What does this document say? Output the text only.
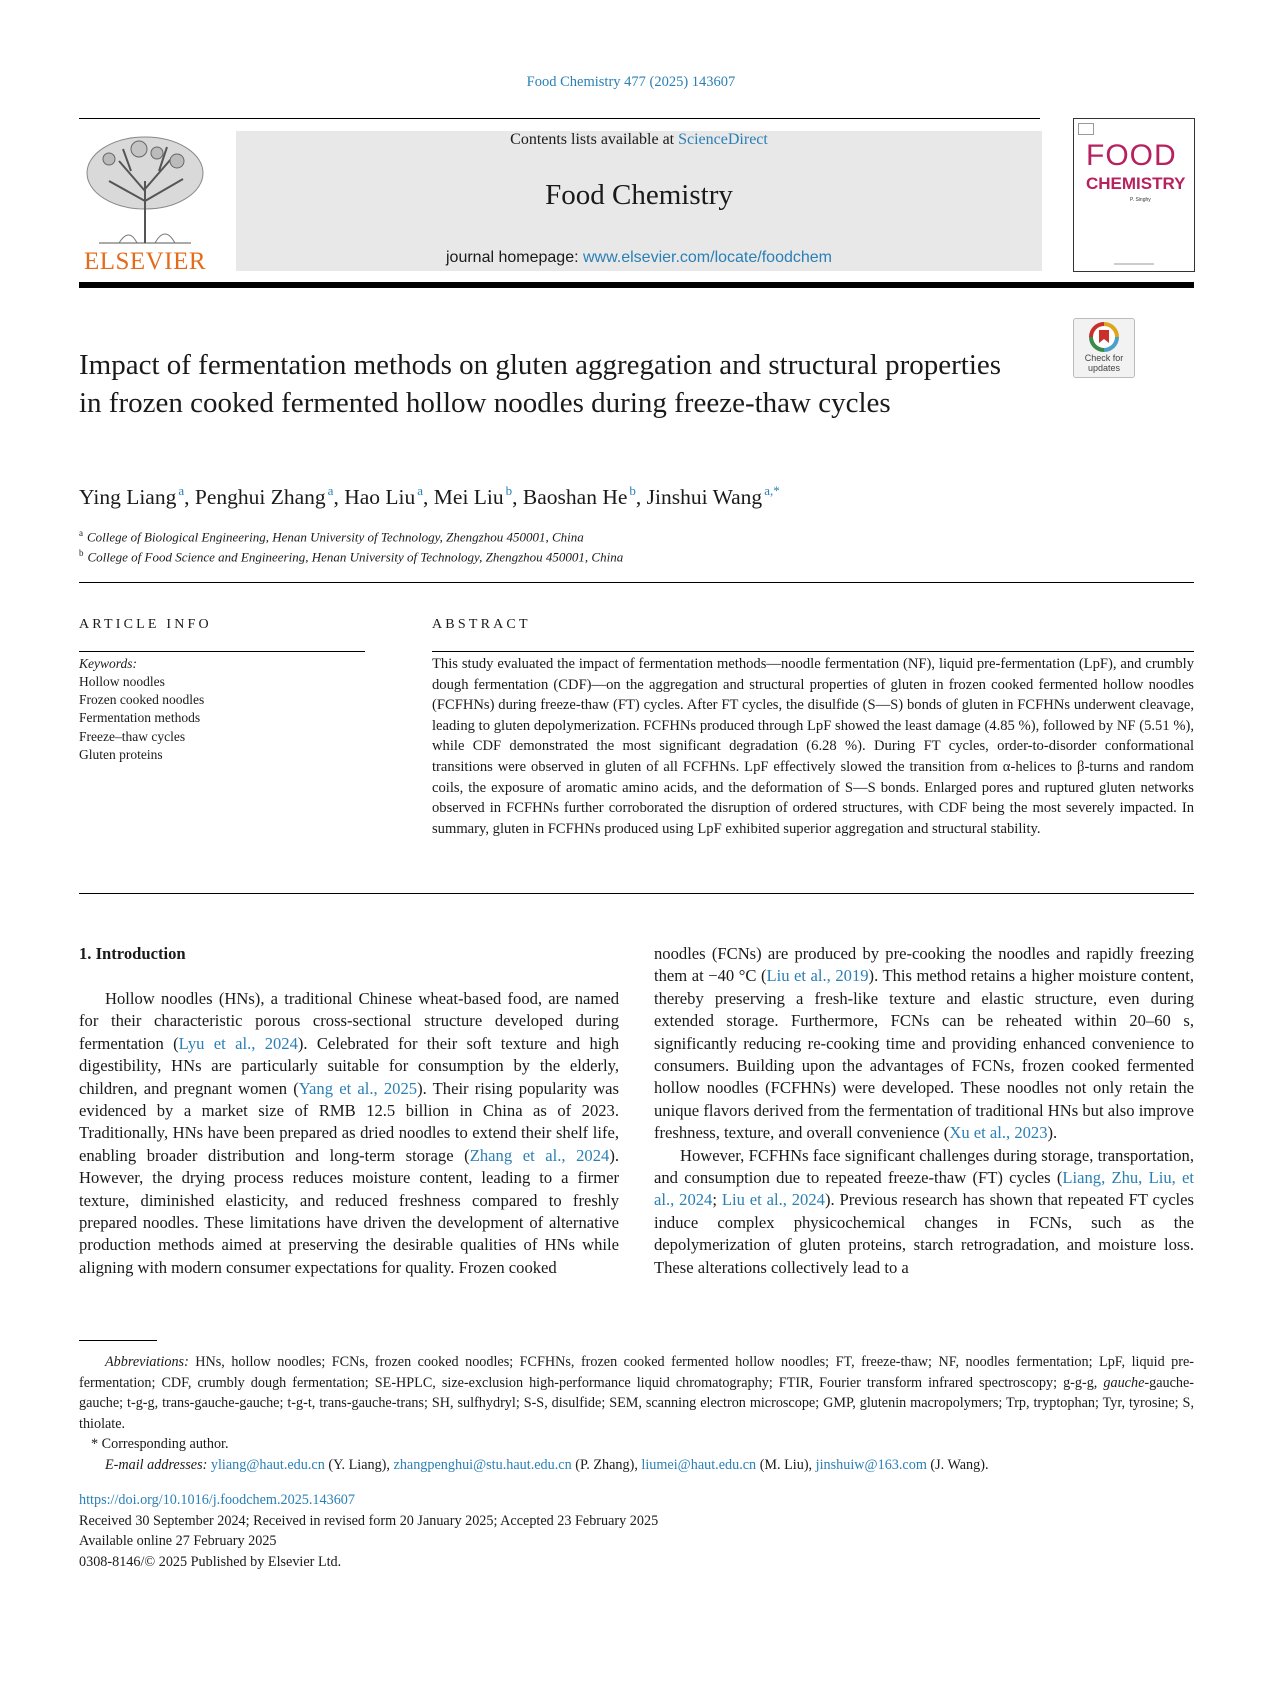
Food Chemistry 477 (2025) 143607
ELSEVIER
Contents lists available at ScienceDirect
Food Chemistry
journal homepage: www.elsevier.com/locate/foodchem
FOOD
CHEMISTRY
P. Singhy
Check for updates
Impact of fermentation methods on gluten aggregation and structural properties in frozen cooked fermented hollow noodles during freeze-thaw cycles
Ying Liang $^a$, Penghui Zhang $^a$, Hao Liu $^a$, Mei Liu $^b$, Baoshan He $^b$, Jinshui Wang $^{a,*}$
$^a$ College of Biological Engineering, Henan University of Technology, Zhengzhou 450001, China
$^b$ College of Food Science and Engineering, Henan University of Technology, Zhengzhou 450001, China
ARTICLE INFO
Keywords:
Hollow noodles
Frozen cooked noodles
Fermentation methods
Freeze–thaw cycles
Gluten proteins
ABSTRACT
This study evaluated the impact of fermentation methods—noodle fermentation (NF), liquid pre-fermentation (LpF), and crumbly dough fermentation (CDF)—on the aggregation and structural properties of gluten in frozen cooked fermented hollow noodles (FCFHNs) during freeze-thaw (FT) cycles. After FT cycles, the disulfide (S—S) bonds of gluten in FCFHNs underwent cleavage, leading to gluten depolymerization. FCFHNs produced through LpF showed the least damage (4.85 %), followed by NF (5.51 %), while CDF demonstrated the most significant degradation (6.28 %). During FT cycles, order-to-disorder conformational transitions were observed in gluten of all FCFHNs. LpF effectively slowed the transition from α-helices to β-turns and random coils, the exposure of aromatic amino acids, and the deformation of S—S bonds. Enlarged pores and ruptured gluten networks observed in FCFHNs further corroborated the disruption of ordered structures, with CDF being the most severely impacted. In summary, gluten in FCFHNs produced using LpF exhibited superior aggregation and structural stability.
1. Introduction

Hollow noodles (HNs), a traditional Chinese wheat-based food, are named for their characteristic porous cross-sectional structure developed during fermentation (Lyu et al., 2024). Celebrated for their soft texture and high digestibility, HNs are particularly suitable for consumption by the elderly, children, and pregnant women (Yang et al., 2025). Their rising popularity was evidenced by a market size of RMB 12.5 billion in China as of 2023. Traditionally, HNs have been prepared as dried noodles to extend their shelf life, enabling broader distribution and long-term storage (Zhang et al., 2024). However, the drying process reduces moisture content, leading to a firmer texture, diminished elasticity, and reduced freshness compared to freshly prepared noodles. These limitations have driven the development of alternative production methods aimed at preserving the desirable qualities of HNs while aligning with modern consumer expectations for quality. Frozen cooked

noodles (FCNs) are produced by pre-cooking the noodles and rapidly freezing them at −40 °C (Liu et al., 2019). This method retains a higher moisture content, thereby preserving a fresh-like texture and elastic structure, even during extended storage. Furthermore, FCNs can be reheated within 20–60 s, significantly reducing re-cooking time and providing enhanced convenience to consumers. Building upon the advantages of FCNs, frozen cooked fermented hollow noodles (FCFHNs) were developed. These noodles not only retain the unique flavors derived from the fermentation of traditional HNs but also improve freshness, texture, and overall convenience (Xu et al., 2023).

However, FCFHNs face significant challenges during storage, transportation, and consumption due to repeated freeze-thaw (FT) cycles (Liang, Zhu, Liu, et al., 2024; Liu et al., 2024). Previous research has shown that repeated FT cycles induce complex physicochemical changes in FCNs, such as the depolymerization of gluten proteins, starch retrogradation, and moisture loss. These alterations collectively lead to a

Abbreviations: HNs, hollow noodles; FCNs, frozen cooked noodles; FCFHNs, frozen cooked fermented hollow noodles; FT, freeze-thaw; NF, noodles fermentation; LpF, liquid pre-fermentation; CDF, crumbly dough fermentation; SE-HPLC, size-exclusion high-performance liquid chromatography; FTIR, Fourier transform infrared spectroscopy; g-g-g, gauche-gauche-gauche; t-g-g, trans-gauche-gauche; t-g-t, trans-gauche-trans; SH, sulfhydryl; S-S, disulfide; SEM, scanning electron microscope; GMP, glutenin macropolymers; Trp, tryptophan; Tyr, tyrosine; S, thiolate.

* Corresponding author.

E-mail addresses: yliang@haut.edu.cn (Y. Liang), zhangpenghui@stu.haut.edu.cn (P. Zhang), liumei@haut.edu.cn (M. Liu), jinshuiw@163.com (J. Wang).

https://doi.org/10.1016/j.foodchem.2025.143607
Received 30 September 2024; Received in revised form 20 January 2025; Accepted 23 February 2025
Available online 27 February 2025
0308-8146/© 2025 Published by Elsevier Ltd.
